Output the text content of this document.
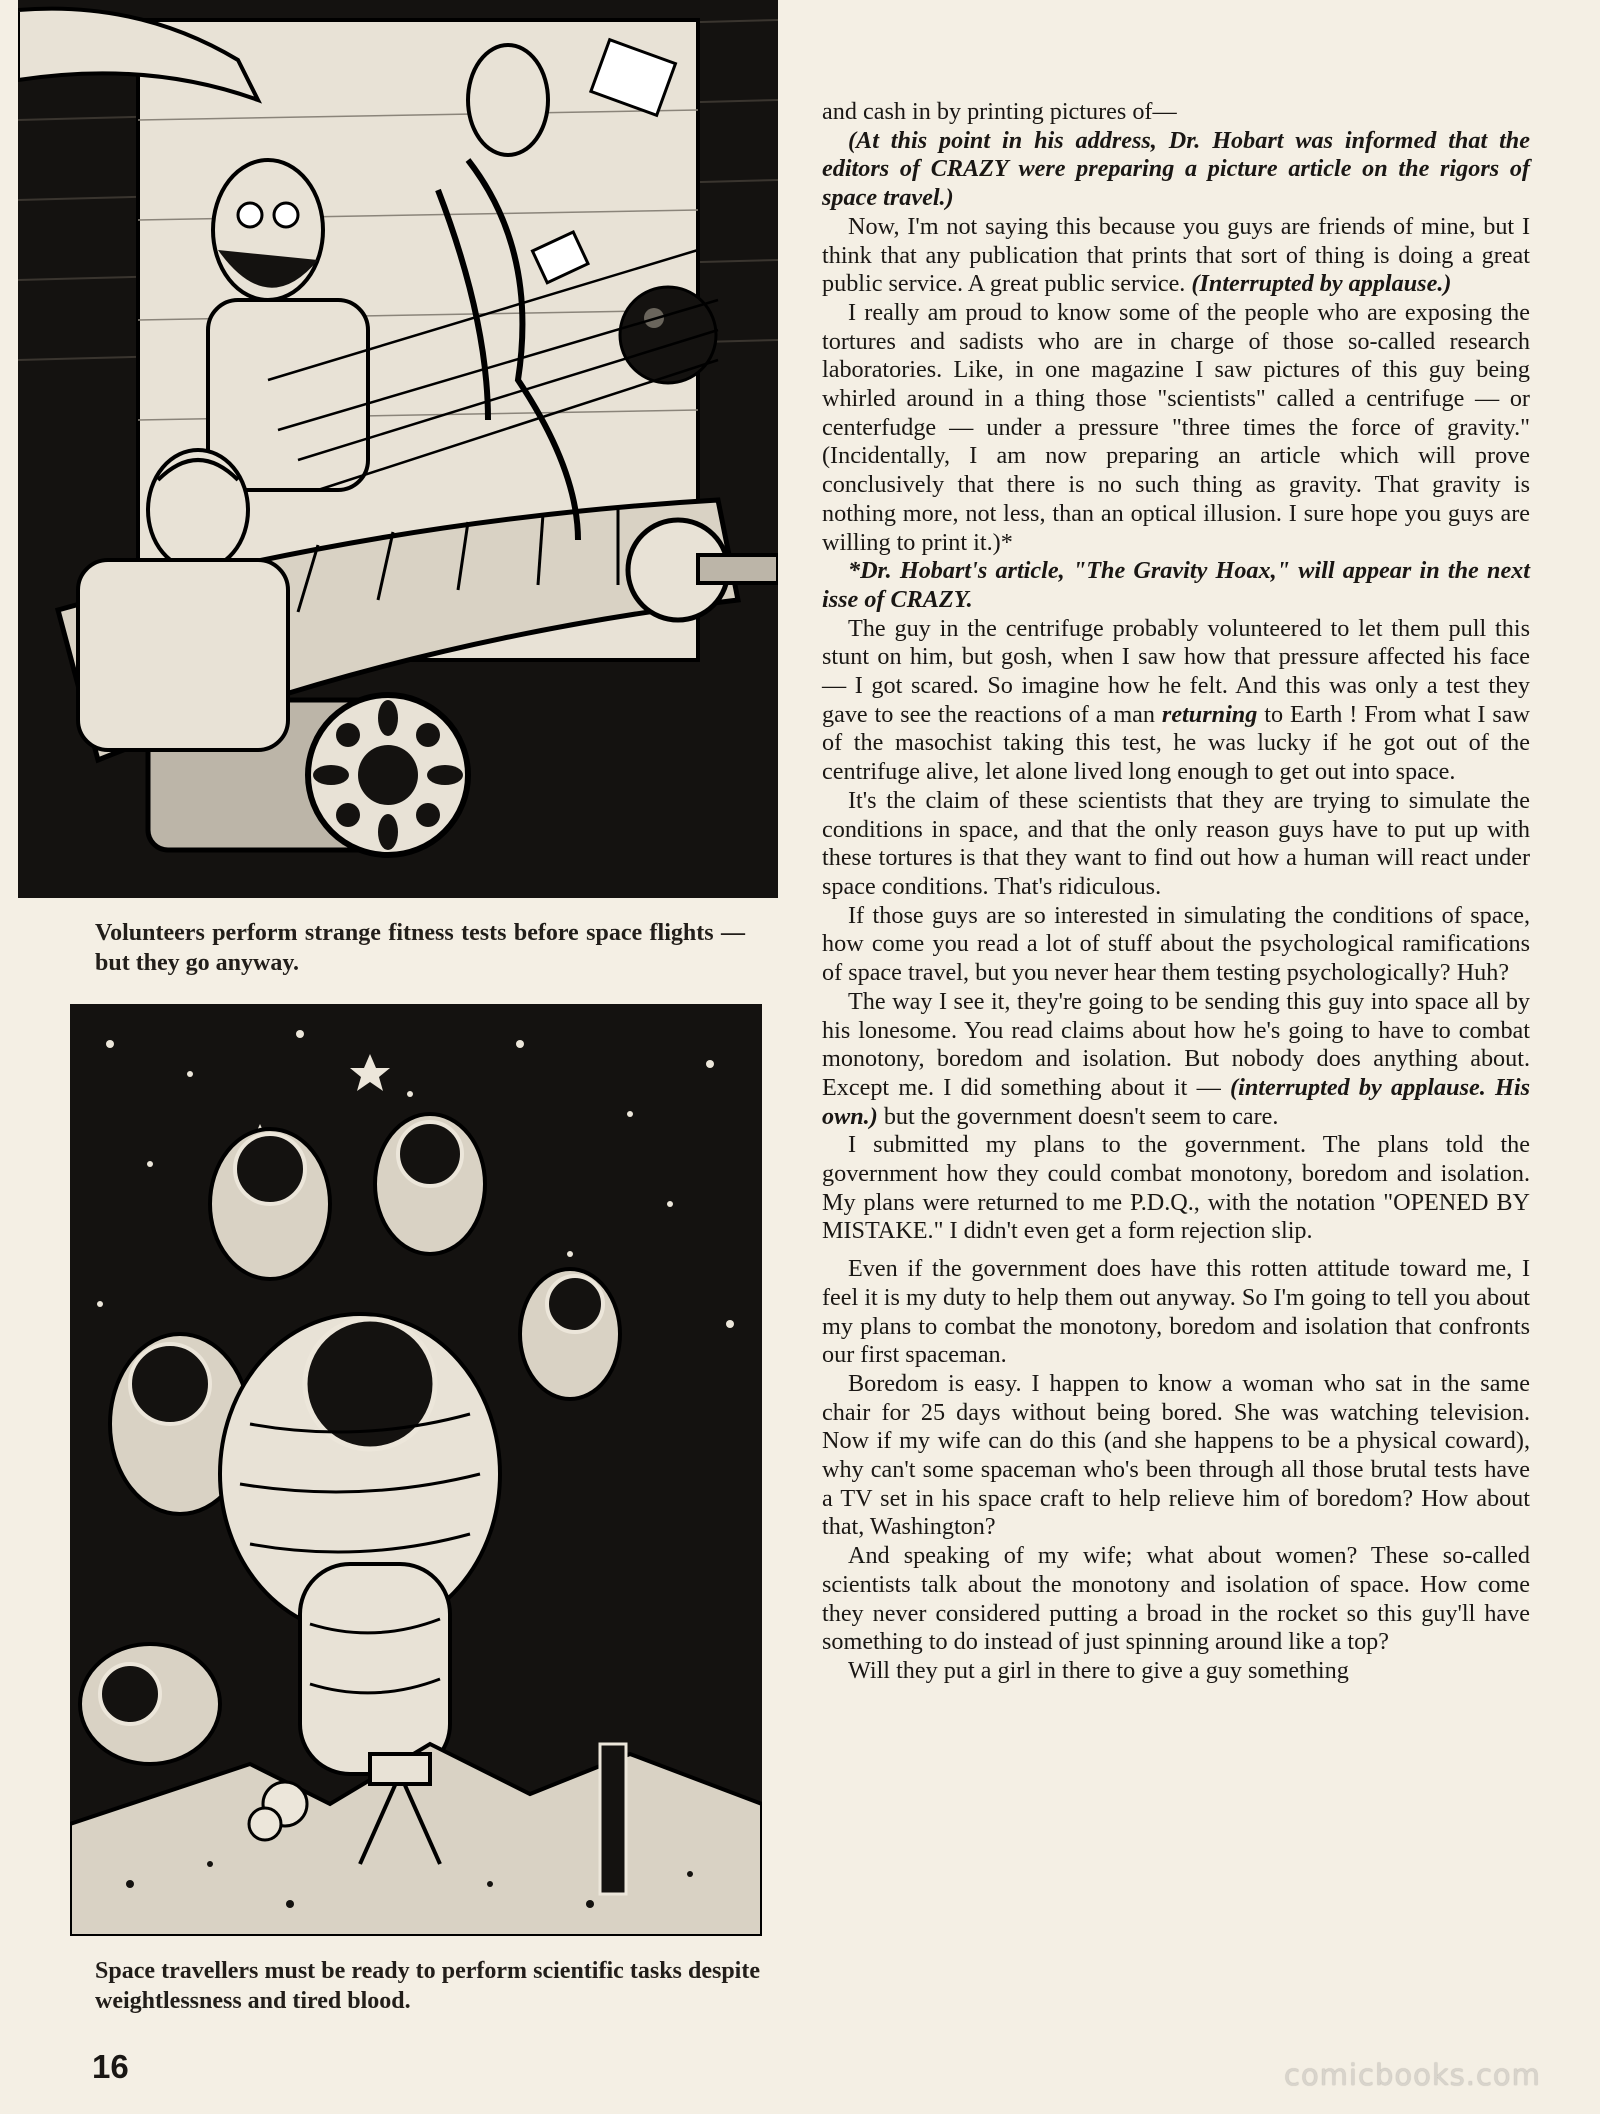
Volunteers perform strange fitness tests before space flights — but they go anyway.
Space travellers must be ready to perform scientific tasks despite weightlessness and tired blood.

and cash in by printing pictures of—

(At this point in his address, Dr. Hobart was informed that the editors of CRAZY were preparing a picture article on the rigors of space travel.)

Now, I'm not saying this because you guys are friends of mine, but I think that any publication that prints that sort of thing is doing a great public service. A great public service. (Interrupted by applause.)

I really am proud to know some of the people who are exposing the tortures and sadists who are in charge of those so-called research laboratories. Like, in one magazine I saw pictures of this guy being whirled around in a thing those "scientists" called a centrifuge — or centerfudge — under a pressure "three times the force of gravity." (Incidentally, I am now preparing an article which will prove conclusively that there is no such thing as gravity. That gravity is nothing more, not less, than an optical illusion. I sure hope you guys are willing to print it.)*

*Dr. Hobart's article, "The Gravity Hoax," will appear in the next isse of CRAZY.

The guy in the centrifuge probably volunteered to let them pull this stunt on him, but gosh, when I saw how that pressure affected his face — I got scared. So imagine how he felt. And this was only a test they gave to see the reactions of a man returning to Earth ! From what I saw of the masochist taking this test, he was lucky if he got out of the centrifuge alive, let alone lived long enough to get out into space.

It's the claim of these scientists that they are trying to simulate the conditions in space, and that the only reason guys have to put up with these tortures is that they want to find out how a human will react under space conditions. That's ridiculous.

If those guys are so interested in simulating the conditions of space, how come you read a lot of stuff about the psychological ramifications of space travel, but you never hear them testing psychologically? Huh?

The way I see it, they're going to be sending this guy into space all by his lonesome. You read claims about how he's going to have to combat monotony, boredom and isolation. But nobody does anything about. Except me. I did something about it — (interrupted by applause. His own.) but the government doesn't seem to care.

I submitted my plans to the government. The plans told the government how they could combat monotony, boredom and isolation. My plans were returned to me P.D.Q., with the notation "OPENED BY MISTAKE." I didn't even get a form rejection slip.

Even if the government does have this rotten attitude toward me, I feel it is my duty to help them out anyway. So I'm going to tell you about my plans to combat the monotony, boredom and isolation that confronts our first spaceman.

Boredom is easy. I happen to know a woman who sat in the same chair for 25 days without being bored. She was watching television. Now if my wife can do this (and she happens to be a physical coward), why can't some spaceman who's been through all those brutal tests have a TV set in his space craft to help relieve him of boredom? How about that, Washington?

And speaking of my wife; what about women? These so-called scientists talk about the monotony and isolation of space. How come they never considered putting a broad in the rocket so this guy'll have something to do instead of just spinning around like a top?

Will they put a girl in there to give a guy something

16	comicbooks.com
